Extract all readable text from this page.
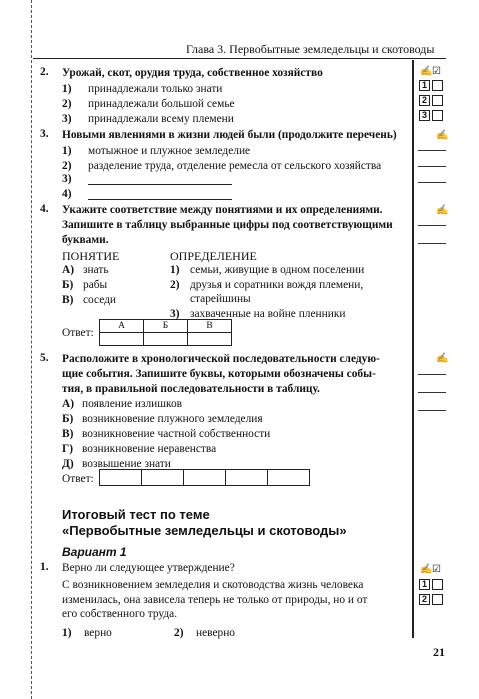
Глава 3. Первобытные земледельцы и скотоводы
2. Урожай, скот, орудия труда, собственное хозяйство
1) принадлежали только знати
2) принадлежали большой семье
3) принадлежали всему племени
✍ ☑
1
2
3
3. Новыми явлениями в жизни людей были (продолжите перечень)
1) мотыжное и плужное земледелие
2) разделение труда, отделение ремесла от сельского хозяйства
3)
4)
✍
4. Укажите соответствие между понятиями и их определениями.
Запишите в таблицу выбранные цифры под соответствующими
буквами.
ПОНЯТИЕ	ОПРЕДЕЛЕНИЕ
А) знать
Б) рабы
В) соседи
1) семьи, живущие в одном поселении
2) друзья и соратники вождя племени,
старейшины
3) захваченные на войне пленники
Ответ:
А	Б	В

✍
5. Расположите в хронологической последовательности следую-
щие события. Запишите буквы, которыми обозначены собы-
тия, в правильной последовательности в таблицу.
А) появление излишков
Б) возникновение плужного земледелия
В) возникновение частной собственности
Г) возникновение неравенства
Д) возвышение знати
Ответ:

✍
Итоговый тест по теме
«Первобытные земледельцы и скотоводы»
Вариант 1
1. Верно ли следующее утверждение?
С возникновением земледелия и скотоводства жизнь человека
изменилась, она зависела теперь не только от природы, но и от
его собственного труда.
1) верно	2) неверно
✍ ☑
1
2
21
